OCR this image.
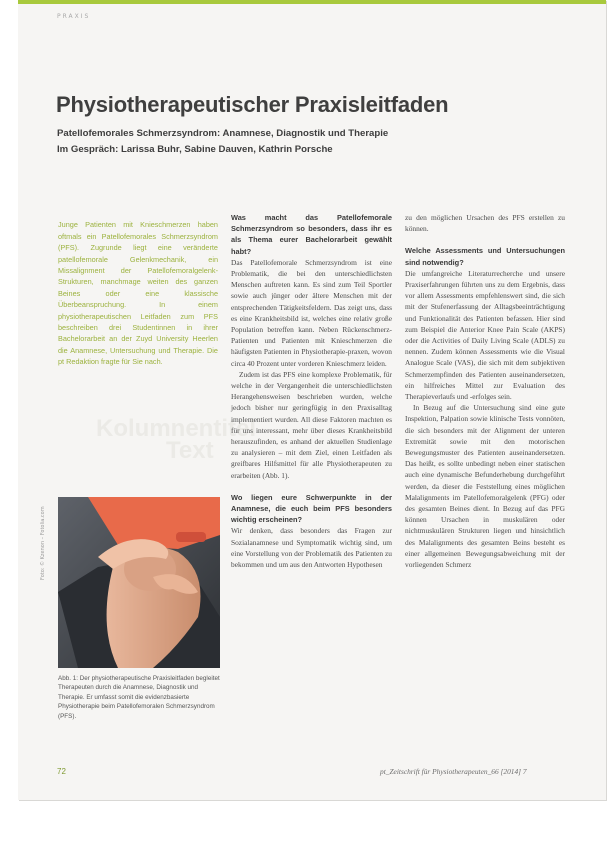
PRAXIS
Physiotherapeutischer Praxisleitfaden
Patellofemorales Schmerzsyndrom: Anamnese, Diagnostik und Therapie
Im Gespräch: Larissa Buhr, Sabine Dauven, Kathrin Porsche
Kolumnentitel
Text

Junge Patienten mit Knieschmerzen haben oftmals ein Patellofemorales Schmerzsyndrom (PFS). Zugrunde liegt eine veränderte patellofemorale Gelenkmechanik, ein Missalignment der Patellofemoralgelenk-Strukturen, manchmage weiten des ganzen Beines oder eine klassische Überbeanspruchung. In einem physiotherapeutischen Leitfaden zum PFS beschreiben drei Studentinnen in ihrer Bachelorarbeit an der Zuyd University Heerlen die Anamnese, Untersuchung und Therapie. Die pt Redaktion fragte für Sie nach.

Foto: © Kzenon – Fotolia.com
Abb. 1: Der physiotherapeutische Praxisleitfaden begleitet Therapeuten durch die Anamnese, Diagnostik und Therapie. Er umfasst somit die evidenzbasierte Physiotherapie beim Patellofemoralen Schmerzsyndrom (PFS).

Was macht das Patellofemorale Schmerzsyndrom so besonders, dass ihr es als Thema eurer Bachelorarbeit gewählt habt?

Das Patellofemorale Schmerzsyndrom ist eine Problematik, die bei den unterschiedlichsten Menschen auftreten kann. Es sind zum Teil Sportler sowie auch jünger oder ältere Menschen mit der entsprechenden Tätigkeitsfeldern. Das zeigt uns, dass es eine Krankheitsbild ist, welches eine relativ große Population betreffen kann. Neben Rückenschmerz-Patienten und Patienten mit Knieschmerzen die häufigsten Patienten in Physiotherapie-praxen, wovon circa 40 Prozent unter vorderen Knieschmerz leiden.

Zudem ist das PFS eine komplexe Problematik, für welche in der Vergangenheit die unterschiedlichsten Herangehensweisen beschrieben wurden, welche jedoch bisher nur geringfügig in den Praxisalltag implementiert wurden. All diese Faktoren machten es für uns interessant, mehr über dieses Krankheitsbild herauszufinden, es anhand der aktuellen Studienlage zu analysieren – mit dem Ziel, einen Leitfaden als greifbares Hilfsmittel für alle Physiotherapeuten zu erarbeiten (Abb. 1).

Wo liegen eure Schwerpunkte in der Anamnese, die euch beim PFS besonders wichtig erscheinen?

Wir denken, dass besonders das Fragen zur Sozialanamnese und Symptomatik wichtig sind, um eine Vorstellung von der Problematik des Patienten zu bekommen und um aus den Antworten Hypothesen

zu den möglichen Ursachen des PFS erstellen zu können.

Welche Assessments und Untersuchungen sind notwendig?

Die umfangreiche Literaturrecherche und unsere Praxiserfahrungen führten uns zu dem Ergebnis, dass vor allem Assessments empfehlenswert sind, die sich mit der Stufenerfassung der Alltagsbeeinträchtigung und Funktionalität des Patienten befassen. Hier sind zum Beispiel die Anterior Knee Pain Scale (AKPS) oder die Activities of Daily Living Scale (ADLS) zu nennen. Zudem können Assessments wie die Visual Analogue Scale (VAS), die sich mit dem subjektiven Schmerzempfinden des Patienten auseinandersetzen, ein hilfreiches Mittel zur Evaluation des Therapieverlaufs und -erfolges sein.

In Bezug auf die Untersuchung sind eine gute Inspektion, Palpation sowie klinische Tests vonnöten, die sich besonders mit der Alignment der unteren Extremität sowie mit den motorischen Bewegungsmuster des Patienten auseinandersetzen. Das heißt, es sollte unbedingt neben einer statischen auch eine dynamische Befunderhebung durchgeführt werden, da dieser die Feststellung eines möglichen Malalignments im Patellofemoralgelenk (PFG) oder des gesamten Beines dient. In Bezug auf das PFG können Ursachen in muskulären oder nichtmuskulären Strukturen liegen und hinsichtlich des Malalignments des gesamten Beins besteht es einer allgemeinen Bewegungsabweichung mit der vorliegenden Schmerz

72	pt_Zeitschrift für Physiotherapeuten_66 [2014] 7
